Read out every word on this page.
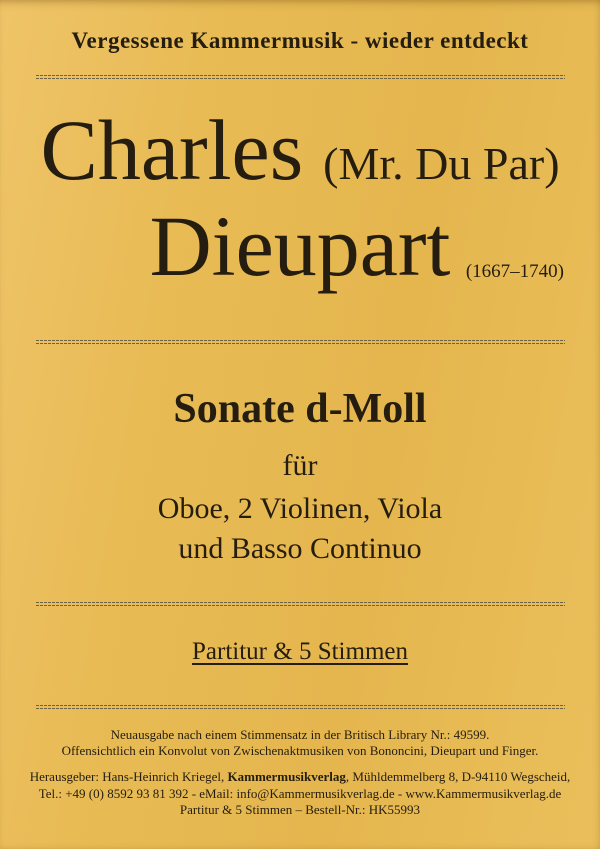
Vergessene Kammermusik - wieder entdeckt
Charles (Mr. Du Par)
Dieupart (1667–1740)
Sonate d-Moll
für
Oboe, 2 Violinen, Viola
und Basso Continuo
Partitur & 5 Stimmen
Neuausgabe nach einem Stimmensatz in der Britisch Library Nr.: 49599.
Offensichtlich ein Konvolut von Zwischenaktmusiken von Bononcini, Dieupart und Finger.
Herausgeber: Hans-Heinrich Kriegel, Kammermusikverlag, Mühldemmelberg 8, D-94110 Wegscheid,
Tel.: +49 (0) 8592 93 81 392 - eMail: info@Kammermusikverlag.de - www.Kammermusikverlag.de
Partitur & 5 Stimmen – Bestell-Nr.: HK55993
